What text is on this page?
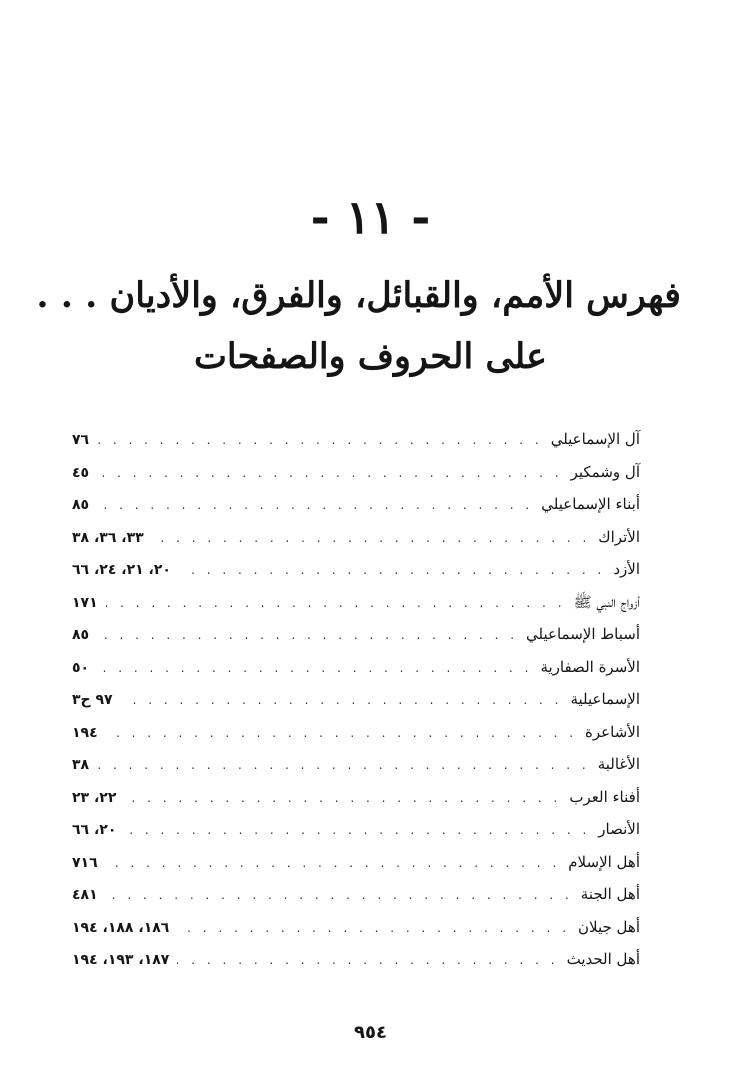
- ١١ -
فهرس الأمم، والقبائل، والفرق، والأديان . . .
على الحروف والصفحات
آل الإسماعيلي
. . .
٧٦
آل وشمكير
. . .
٤٥
أبناء الإسماعيلي
. . .
٨٥
الأتراك
. . .
٣٣، ٣٦، ٣٨
الأزد
. . .
٢٠، ٢١، ٢٤، ٦٦
أزواج النبي ﷺ
. . .
١٧١
أسباط الإسماعيلي
. . .
٨٥
الأسرة الصفارية
. . .
٥٠
الإسماعيلية
. . .
٩٧ ح٣
الأشاعرة
. . .
١٩٤
الأغالبة
. . .
٣٨
أفناء العرب
. . .
٢٢، ٢٣
الأنصار
. . .
٢٠، ٦٦
أهل الإسلام
. . .
٧١٦
أهل الجنة
. . .
٤٨١
أهل جيلان
. . .
١٨٦، ١٨٨، ١٩٤
أهل الحديث
. . .
١٨٧، ١٩٣، ١٩٤
٩٥٤
